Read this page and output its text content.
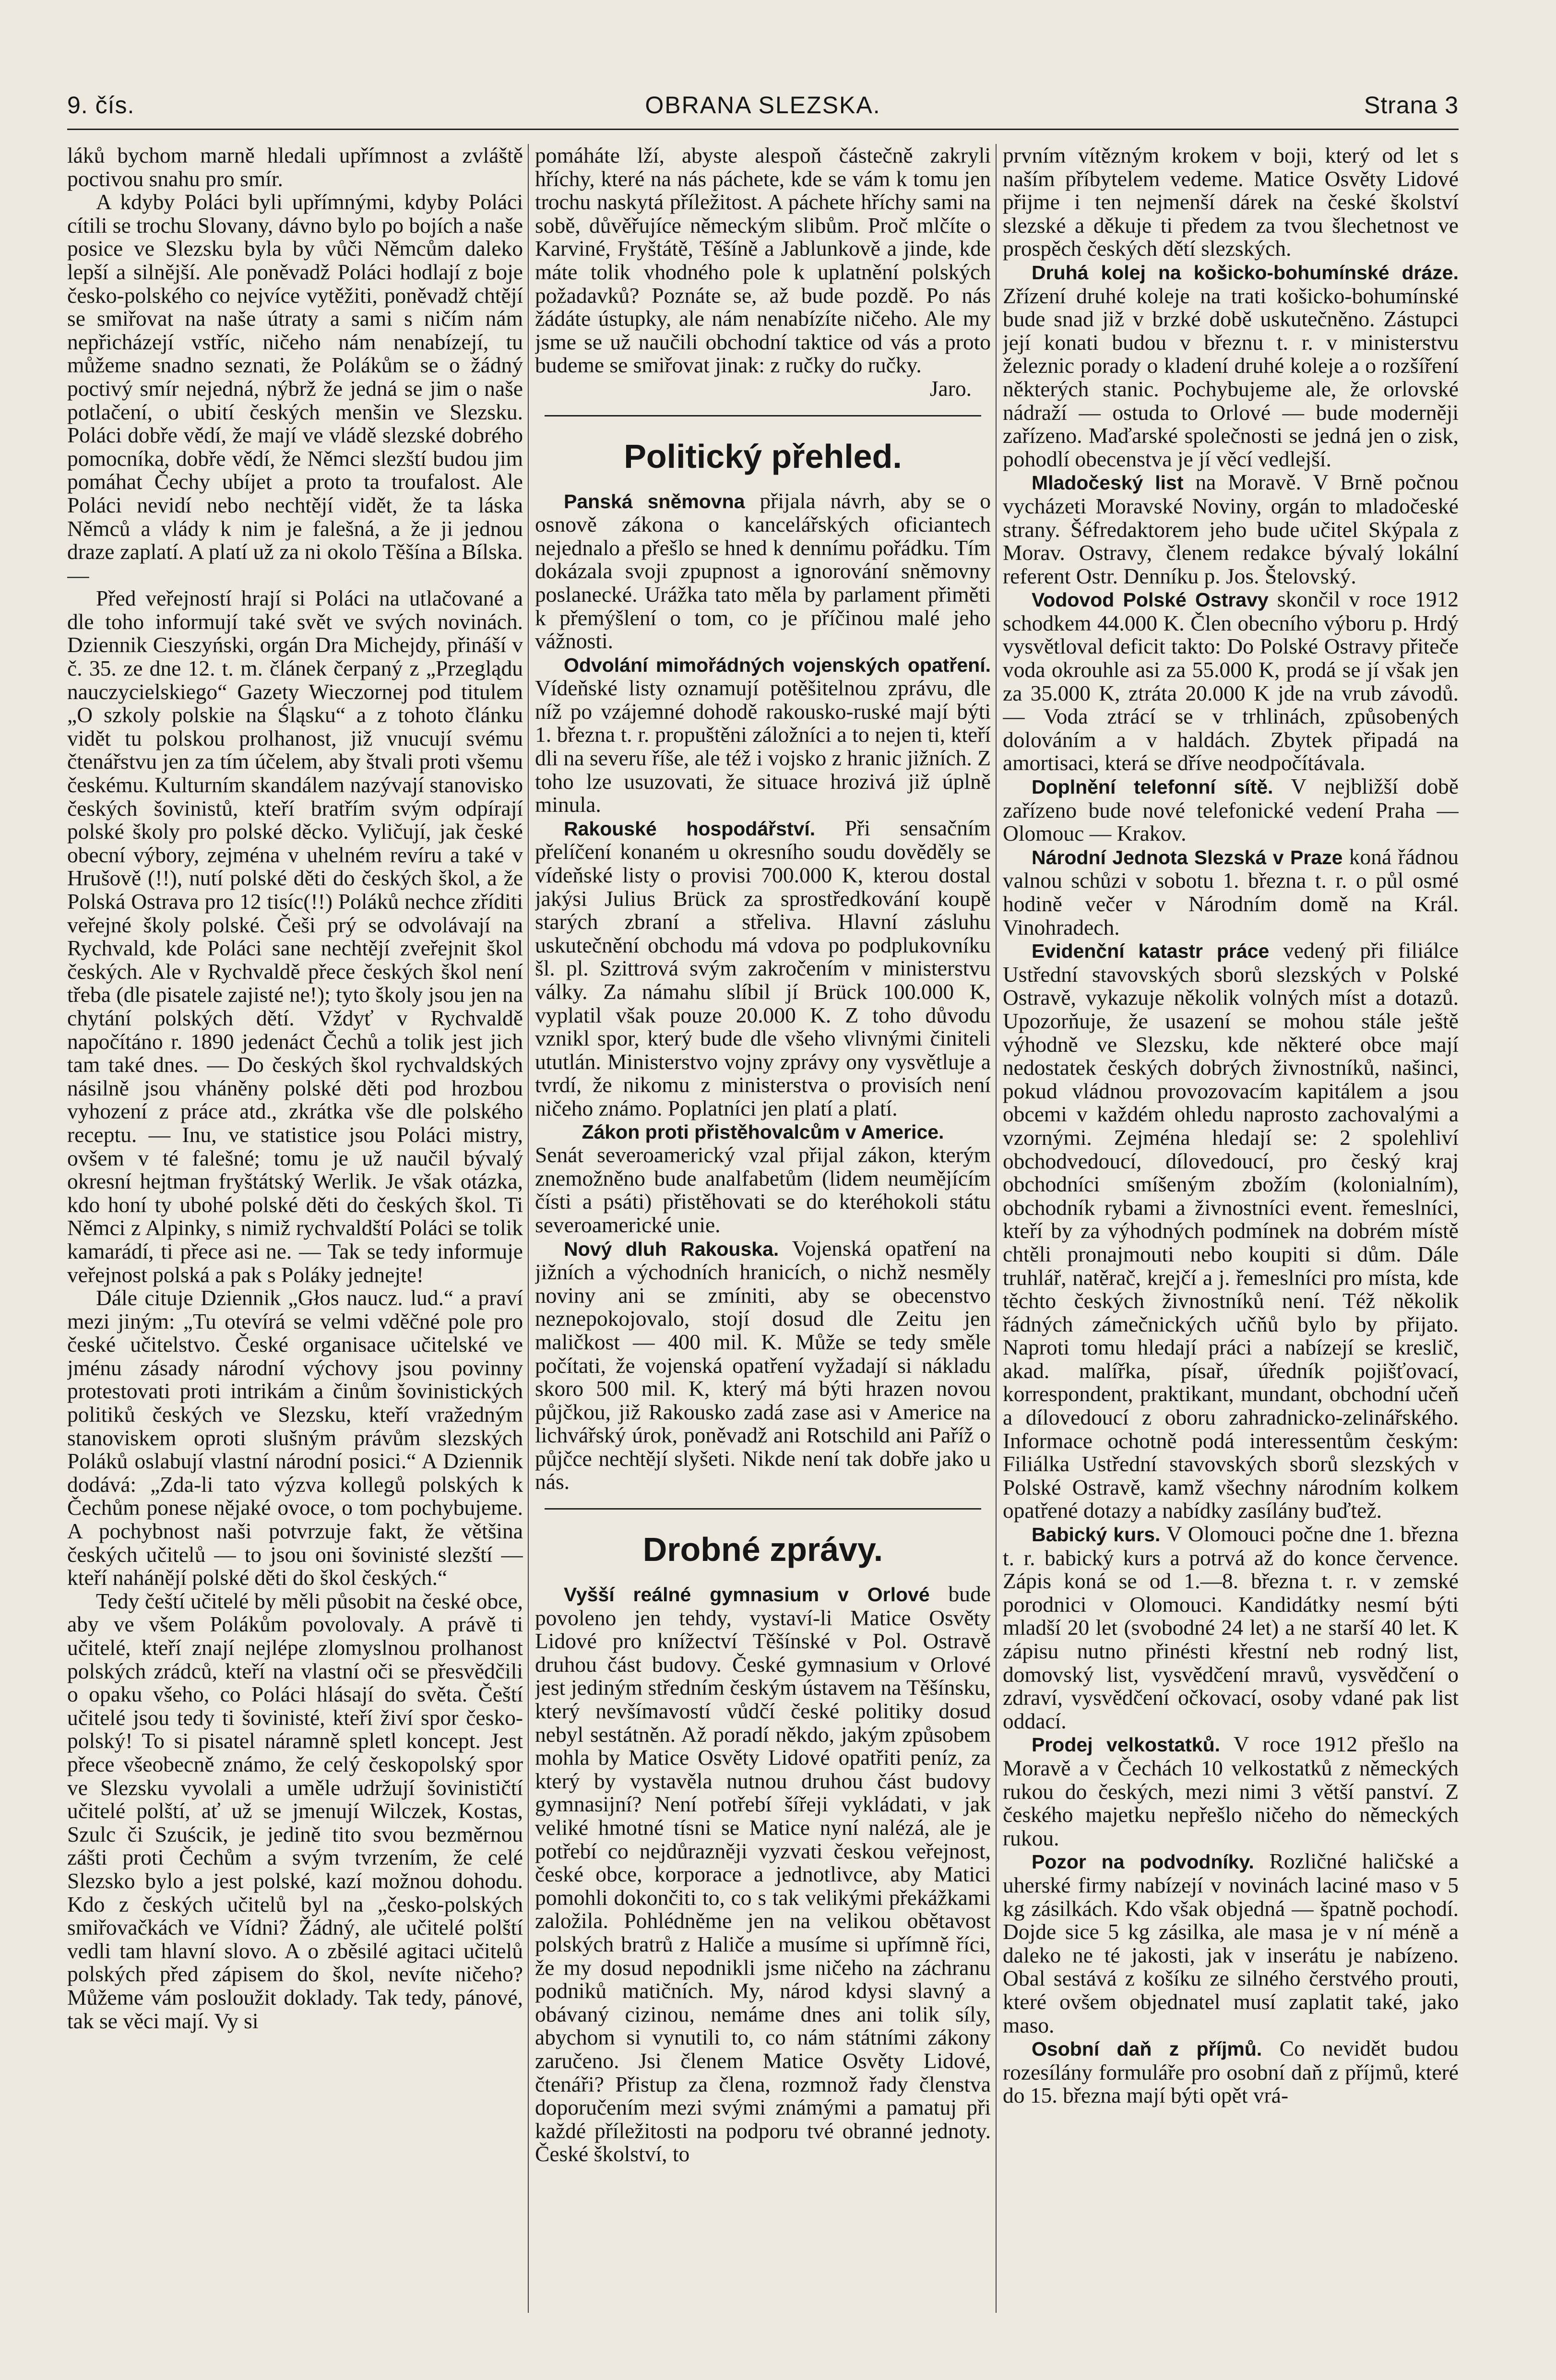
9. čís.	OBRANA SLEZSKA.	Strana 3

láků bychom marně hledali upřímnost a zvláště poctivou snahu pro smír.

A kdyby Poláci byli upřímnými, kdyby Poláci cítili se trochu Slovany, dávno bylo po bojích a naše posice ve Slezsku byla by vůči Němcům daleko lepší a silnější. Ale poněvadž Poláci hodlají z boje česko-polského co nejvíce vytěžiti, poněvadž chtějí se smiřovat na naše útraty a sami s ničím nám nepřicházejí vstříc, ničeho nám nenabízejí, tu můžeme snadno seznati, že Polákům se o žádný poctivý smír nejedná, nýbrž že jedná se jim o naše potlačení, o ubití českých menšin ve Slezsku. Poláci dobře vědí, že mají ve vládě slezské dobrého pomocníka, dobře vědí, že Němci slezští budou jim pomáhat Čechy ubíjet a proto ta troufalost. Ale Poláci nevidí nebo nechtějí vidět, že ta láska Němců a vlády k nim je falešná, a že ji jednou draze zaplatí. A platí už za ni okolo Těšína a Bílska. —

Před veřejností hrají si Poláci na utlačované a dle toho informují také svět ve svých novinách. Dziennik Cieszyński, orgán Dra Michejdy, přináší v č. 35. ze dne 12. t. m. článek čerpaný z „Przeglądu nauczycielskiego“ Gazety Wieczornej pod titulem „O szkoly polskie na Śląsku“ a z tohoto článku vidět tu polskou prolhanost, již vnucují svému čtenářstvu jen za tím účelem, aby štvali proti všemu českému. Kulturním skandálem nazývají stanovisko českých šovinistů, kteří bratřím svým odpírají polské školy pro polské děcko. Vyličují, jak české obecní výbory, zejména v uhelném revíru a také v Hrušově (!!), nutí polské děti do českých škol, a že Polská Ostrava pro 12 tisíc(!!) Poláků nechce zříditi veřejné školy polské. Češi prý se odvolávají na Rychvald, kde Poláci sane nechtějí zveřejnit škol českých. Ale v Rychvaldě přece českých škol není třeba (dle pisatele zajisté ne!); tyto školy jsou jen na chytání polských dětí. Vždyť v Rychvaldě napočítáno r. 1890 jedenáct Čechů a tolik jest jich tam také dnes. — Do českých škol rychvaldských násilně jsou vháněny polské děti pod hrozbou vyhození z práce atd., zkrátka vše dle polského receptu. — Inu, ve statistice jsou Poláci mistry, ovšem v té falešné; tomu je už naučil bývalý okresní hejtman fryštátský Werlik. Je však otázka, kdo honí ty ubohé polské děti do českých škol. Ti Němci z Alpinky, s nimiž rychvaldští Poláci se tolik kamarádí, ti přece asi ne. — Tak se tedy informuje veřejnost polská a pak s Poláky jednejte!

Dále cituje Dziennik „Głos naucz. lud.“ a praví mezi jiným: „Tu otevírá se velmi vděčné pole pro české učitelstvo. České organisace učitelské ve jménu zásady národní výchovy jsou povinny protestovati proti intrikám a činům šovinistických politiků českých ve Slezsku, kteří vražedným stanoviskem oproti slušným právům slezských Poláků oslabují vlastní národní posici.“ A Dziennik dodává: „Zda-li tato výzva kollegů polských k Čechům ponese nějaké ovoce, o tom pochybujeme. A pochybnost naši potvrzuje fakt, že většina českých učitelů — to jsou oni šovinisté slezští — kteří nahánějí polské děti do škol českých.“

Tedy čeští učitelé by měli působit na české obce, aby ve všem Polákům povolovaly. A právě ti učitelé, kteří znají nejlépe zlomyslnou prolhanost polských zrádců, kteří na vlastní oči se přesvědčili o opaku všeho, co Poláci hlásají do světa. Čeští učitelé jsou tedy ti šovinisté, kteří živí spor česko-polský! To si pisatel náramně spletl koncept. Jest přece všeobecně známo, že celý českopolský spor ve Slezsku vyvolali a uměle udržují šovinističtí učitelé polští, ať už se jmenují Wilczek, Kostas, Szulc či Szuścik, je jedině tito svou bezměrnou zášti proti Čechům a svým tvrzením, že celé Slezsko bylo a jest polské, kazí možnou dohodu. Kdo z českých učitelů byl na „česko-polských smiřovačkách ve Vídni? Žádný, ale učitelé polští vedli tam hlavní slovo. A o zběsilé agitaci učitelů polských před zápisem do škol, nevíte ničeho? Můžeme vám posloužit doklady. Tak tedy, pánové, tak se věci mají. Vy si

pomáháte lží, abyste alespoň částečně zakryli hříchy, které na nás páchete, kde se vám k tomu jen trochu naskytá příležitost. A páchete hříchy sami na sobě, důvěřujíce německým slibům. Proč mlčíte o Karviné, Fryštátě, Těšíně a Jablunkově a jinde, kde máte tolik vhodného pole k uplatnění polských požadavků? Poznáte se, až bude pozdě. Po nás žádáte ústupky, ale nám nenabízíte ničeho. Ale my jsme se už naučili obchodní taktice od vás a proto budeme se smiřovat jinak: z ručky do ručky.

Jaro.

Politický přehled.

Panská sněmovna přijala návrh, aby se o osnově zákona o kancelářských oficiantech nejednalo a přešlo se hned k dennímu pořádku. Tím dokázala svoji zpupnost a ignorování sněmovny poslanecké. Urážka tato měla by parlament přiměti k přemýšlení o tom, co je příčinou malé jeho vážnosti.

Odvolání mimořádných vojenských opatření. Vídeňské listy oznamují potěšitelnou zprávu, dle níž po vzájemné dohodě rakousko-ruské mají býti 1. března t. r. propuštěni záložníci a to nejen ti, kteří dli na severu říše, ale též i vojsko z hranic jižních. Z toho lze usuzovati, že situace hrozivá již úplně minula.

Rakouské hospodářství. Při sensačním přelíčení konaném u okresního soudu dověděly se vídeňské listy o provisi 700.000 K, kterou dostal jakýsi Julius Brück za sprostředkování koupě starých zbraní a střeliva. Hlavní zásluhu uskutečnění obchodu má vdova po podplukovníku šl. pl. Szittrová svým zakročením v ministerstvu války. Za námahu slíbil jí Brück 100.000 K, vyplatil však pouze 20.000 K. Z toho důvodu vznikl spor, který bude dle všeho vlivnými činiteli ututlán. Ministerstvo vojny zprávy ony vysvětluje a tvrdí, že nikomu z ministerstva o provisích není ničeho známo. Poplatníci jen platí a platí.

Zákon proti přistěhovalcům v Americe.

Senát severoamerický vzal přijal zákon, kterým znemožněno bude analfabetům (lidem neumějícím čísti a psáti) přistěhovati se do kteréhokoli státu severoamerické unie.

Nový dluh Rakouska. Vojenská opatření na jižních a východních hranicích, o nichž nesměly noviny ani se zmíniti, aby se obecenstvo neznepokojovalo, stojí dosud dle Zeitu jen maličkost — 400 mil. K. Může se tedy směle počítati, že vojenská opatření vyžadají si nákladu skoro 500 mil. K, který má býti hrazen novou půjčkou, již Rakousko zadá zase asi v Americe na lichvářský úrok, poněvadž ani Rotschild ani Paříž o půjčce nechtějí slyšeti. Nikde není tak dobře jako u nás.

Drobné zprávy.

Vyšší reálné gymnasium v Orlové bude povoleno jen tehdy, vystaví-li Matice Osvěty Lidové pro knížectví Těšínské v Pol. Ostravě druhou část budovy. České gymnasium v Orlové jest jediným středním českým ústavem na Těšínsku, který nevšímavostí vůdčí české politiky dosud nebyl sestátněn. Až poradí někdo, jakým způsobem mohla by Matice Osvěty Lidové opatřiti peníz, za který by vystavěla nutnou druhou část budovy gymnasijní? Není potřebí šířeji vykládati, v jak veliké hmotné tísni se Matice nyní nalézá, ale je potřebí co nejdůrazněji vyzvati českou veřejnost, české obce, korporace a jednotlivce, aby Matici pomohli dokončiti to, co s tak velikými překážkami založila. Pohlédněme jen na velikou obětavost polských bratrů z Haliče a musíme si upřímně říci, že my dosud nepodnikli jsme ničeho na záchranu podniků matičních. My, národ kdysi slavný a obávaný cizinou, nemáme dnes ani tolik síly, abychom si vynutili to, co nám státními zákony zaručeno. Jsi členem Matice Osvěty Lidové, čtenáři? Přistup za člena, rozmnož řady členstva doporučením mezi svými známými a pamatuj při každé příležitosti na podporu tvé obranné jednoty. České školství, to

prvním vítězným krokem v boji, který od let s naším příbytelem vedeme. Matice Osvěty Lidové přijme i ten nejmenší dárek na české školství slezské a děkuje ti předem za tvou šlechetnost ve prospěch českých dětí slezských.

Druhá kolej na košicko-bohumínské dráze. Zřízení druhé koleje na trati košicko-bohumínské bude snad již v brzké době uskutečněno. Zástupci její konati budou v březnu t. r. v ministerstvu železnic porady o kladení druhé koleje a o rozšíření některých stanic. Pochybujeme ale, že orlovské nádraží — ostuda to Orlové — bude moderněji zařízeno. Maďarské společnosti se jedná jen o zisk, pohodlí obecenstva je jí věcí vedlejší.

Mladočeský list na Moravě. V Brně počnou vycházeti Moravské Noviny, orgán to mladočeské strany. Šéfredaktorem jeho bude učitel Skýpala z Morav. Ostravy, členem redakce bývalý lokální referent Ostr. Denníku p. Jos. Štelovský.

Vodovod Polské Ostravy skončil v roce 1912 schodkem 44.000 K. Člen obecního výboru p. Hrdý vysvětloval deficit takto: Do Polské Ostravy přiteče voda okrouhle asi za 55.000 K, prodá se jí však jen za 35.000 K, ztráta 20.000 K jde na vrub závodů. — Voda ztrácí se v trhlinách, způsobených dolováním a v haldách. Zbytek připadá na amortisaci, která se dříve neodpočítávala.

Doplnění telefonní sítě. V nejbližší době zařízeno bude nové telefonické vedení Praha — Olomouc — Krakov.

Národní Jednota Slezská v Praze koná řádnou valnou schůzi v sobotu 1. března t. r. o půl osmé hodině večer v Národním domě na Král. Vinohradech.

Evidenční katastr práce vedený při filiálce Ustřední stavovských sborů slezských v Polské Ostravě, vykazuje několik volných míst a dotazů. Upozorňuje, že usazení se mohou stále ještě výhodně ve Slezsku, kde některé obce mají nedostatek českých dobrých živnostníků, našinci, pokud vládnou provozovacím kapitálem a jsou obcemi v každém ohledu naprosto zachovalými a vzornými. Zejména hledají se: 2 spolehliví obchodvedoucí, dílovedoucí, pro český kraj obchodníci smíšeným zbožím (kolonialním), obchodník rybami a živnostníci event. řemeslníci, kteří by za výhodných podmínek na dobrém místě chtěli pronajmouti nebo koupiti si dům. Dále truhlář, natěrač, krejčí a j. řemeslníci pro místa, kde těchto českých živnostníků není. Též několik řádných zámečnických učňů bylo by přijato. Naproti tomu hledají práci a nabízejí se kreslič, akad. malířka, písař, úředník pojišťovací, korrespondent, praktikant, mundant, obchodní učeň a dílovedoucí z oboru zahradnicko-zelinářského. Informace ochotně podá interessentům českým: Filiálka Ustřední stavovských sborů slezských v Polské Ostravě, kamž všechny národním kolkem opatřené dotazy a nabídky zasílány buďtež.

Babický kurs. V Olomouci počne dne 1. března t. r. babický kurs a potrvá až do konce července. Zápis koná se od 1.—8. března t. r. v zemské porodnici v Olomouci. Kandidátky nesmí býti mladší 20 let (svobodné 24 let) a ne starší 40 let. K zápisu nutno přinésti křestní neb rodný list, domovský list, vysvědčení mravů, vysvědčení o zdraví, vysvědčení očkovací, osoby vdané pak list oddací.

Prodej velkostatků. V roce 1912 přešlo na Moravě a v Čechách 10 velkostatků z německých rukou do českých, mezi nimi 3 větší panství. Z českého majetku nepřešlo ničeho do německých rukou.

Pozor na podvodníky. Rozličné haličské a uherské firmy nabízejí v novinách laciné maso v 5 kg zásilkách. Kdo však objedná — špatně pochodí. Dojde sice 5 kg zásilka, ale masa je v ní méně a daleko ne té jakosti, jak v inserátu je nabízeno. Obal sestává z košíku ze silného čerstvého prouti, které ovšem objednatel musí zaplatit také, jako maso.

Osobní daň z příjmů. Co nevidět budou rozesílány formuláře pro osobní daň z příjmů, které do 15. března mají býti opět vrá-
